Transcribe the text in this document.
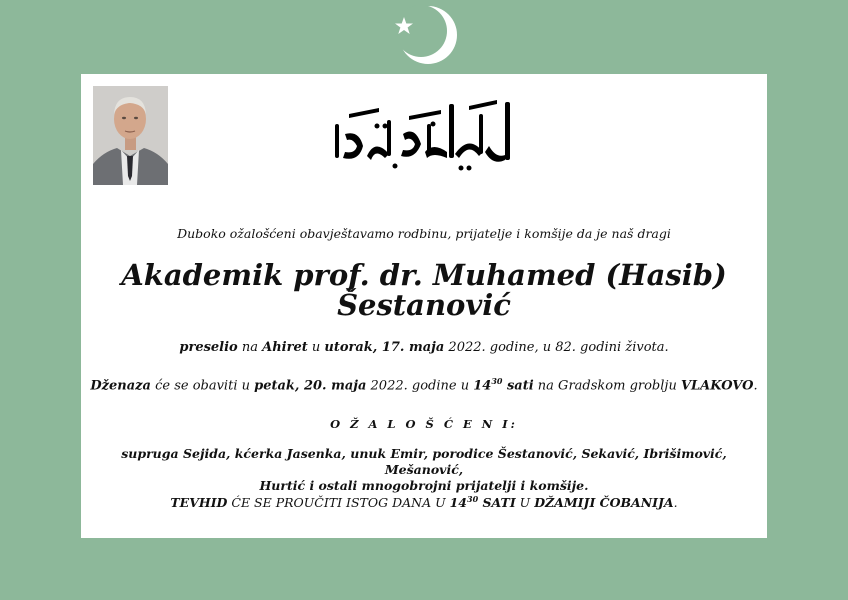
Duboko ožalošćeni obavještavamo rodbinu, prijatelje i komšije da je naš dragi
Akademik prof. dr. Muhamed (Hasib)
Šestanović
preselio na Ahiret u utorak, 17. maja 2022. godine, u 82. godini života.
Dženaza će se obaviti u petak, 20. maja 2022. godine u $14^{30}$ sati na Gradskom groblju VLAKOVO.
O Ž A L O Š Ć E N I:
supruga Sejida, kćerka Jasenka, unuk Emir, porodice Šestanović, Sekavić, Ibrišimović, Mešanović,
Hurtić i ostali mnogobrojni prijatelji i komšije.
TEVHID ĆE SE PROUČITI ISTOG DANA U $14^{30}$ SATI U DŽAMIJI ČOBANIJA.
